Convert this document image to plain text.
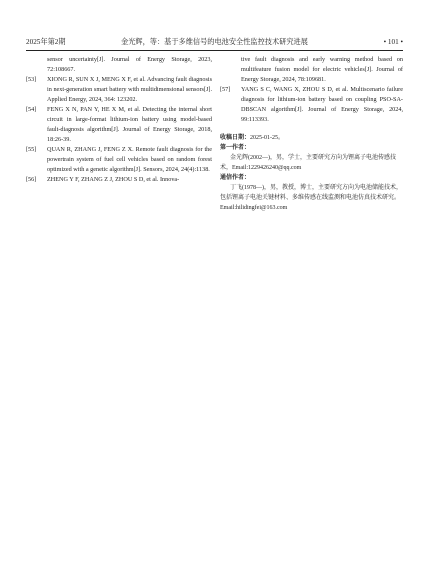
2025年第2期	金光辉，等：基于多维信号的电池安全性监控技术研究进展	• 101 •

sensor uncertainty[J]. Journal of Energy Storage, 2023, 72:108667.

[53] XIONG R, SUN X J, MENG X F, et al. Advancing fault diagnosis in next-generation smart battery with multidimensional sensors[J]. Applied Energy, 2024, 364: 123202.

[54] FENG X N, PAN Y, HE X M, et al. Detecting the internal short circuit in large-format lithium-ion battery using model-based fault-diagnosis algorithm[J]. Journal of Energy Storage, 2018, 18:26-39.

[55] QUAN R, ZHANG J, FENG Z X. Remote fault diagnosis for the powertrain system of fuel cell vehicles based on random forest optimized with a genetic algorithm[J]. Sensors, 2024, 24(4):1138.

[56] ZHENG Y F, ZHANG Z J, ZHOU S D, et al. Innova-

tive fault diagnosis and early warning method based on multifeature fusion model for electric vehicles[J]. Journal of Energy Storage, 2024, 78:109681.

[57] YANG S C, WANG X, ZHOU S D, et al. Multiscenario failure diagnosis for lithium-ion battery based on coupling PSO-SA-DBSCAN algorithm[J]. Journal of Energy Storage, 2024, 99:113393.

收稿日期：2025-01-25。

第一作者：

金光辉(2002—)，男，学士，主要研究方向为锂离子电池传感技术，Email:1229426240@qq.com

通信作者：

丁飞(1978—)，男，教授，博士，主要研究方向为电池储能技术，包括锂离子电池关键材料、多维传感在线监测和电池仿真技术研究。Email:hilidingfei@163.com
